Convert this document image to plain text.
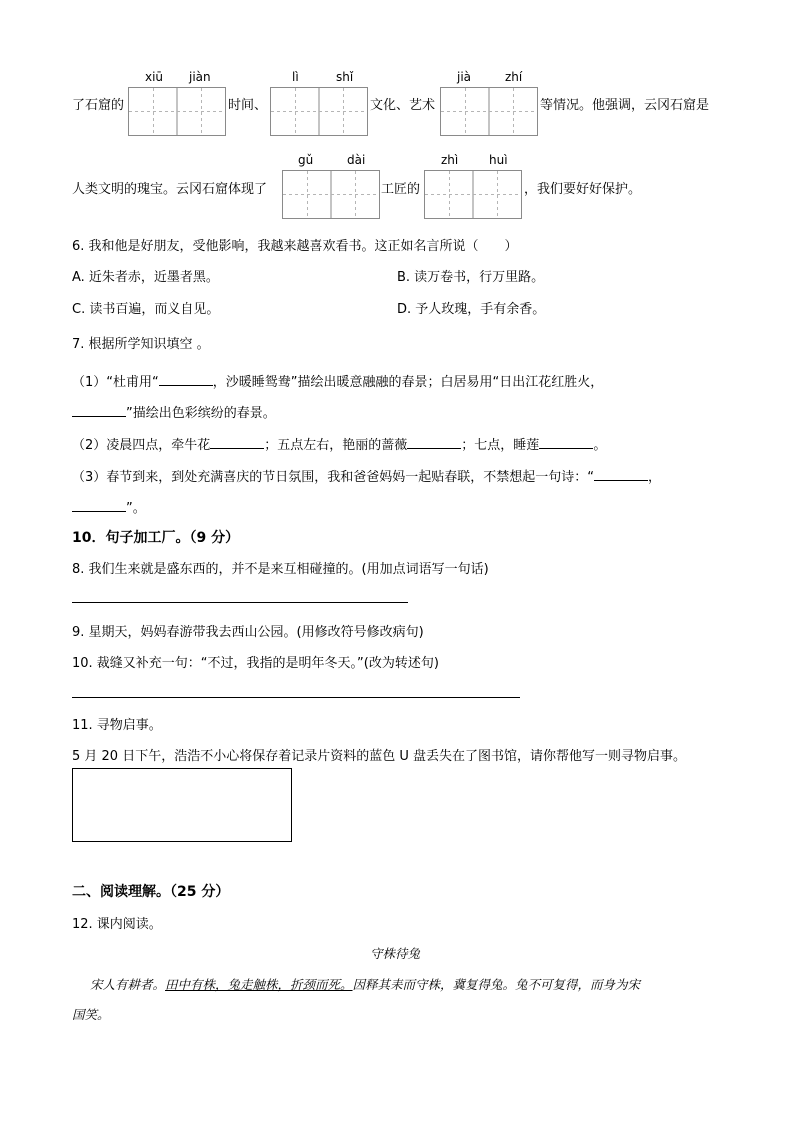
了石窟的
xiū jiàn
时间、
lì	shǐ
文化、艺术
jià	zhí
等情况。他强调，云冈石窟是
人类文明的瑰宝。云冈石窟体现了
gǔ	dài
工匠的
zhì	huì
，我们要好好保护。
6. 我和他是好朋友，受他影响，我越来越喜欢看书。这正如名言所说（　　）
A. 近朱者赤，近墨者黑。	B. 读万卷书，行万里路。
C. 读书百遍，而义自见。	D. 予人玫瑰，手有余香。
7. 根据所学知识填空 。
（1）“杜甫用“	，沙暖睡鸳鸯”描绘出暖意融融的春景；白居易用“日出江花红胜火，
”描绘出色彩缤纷的春景。
（2）凌晨四点，牵牛花	；五点左右，艳丽的蔷薇	；七点，睡莲	。
（3）春节到来，到处充满喜庆的节日氛围，我和爸爸妈妈一起贴春联，不禁想起一句诗：“	，
”。
10．句子加工厂。（9 分）
8. 我们生来就是盛东西的，并不是来互相碰撞的。(用加点词语写一句话)
9. 星期天，妈妈春游带我去西山公园。(用修改符号修改病句)
10. 裁缝又补充一句：“不过，我指的是明年冬天。”(改为转述句)
11. 寻物启事。
5 月 20 日下午，浩浩不小心将保存着记录片资料的蓝色 U 盘丢失在了图书馆，请你帮他写一则寻物启事。
二、阅读理解。（25 分）
12. 课内阅读。
守株待兔
宋人有耕者。田中有株，兔走触株，折颈而死。因释其耒而守株，冀复得兔。兔不可复得，而身为宋
国笑。
